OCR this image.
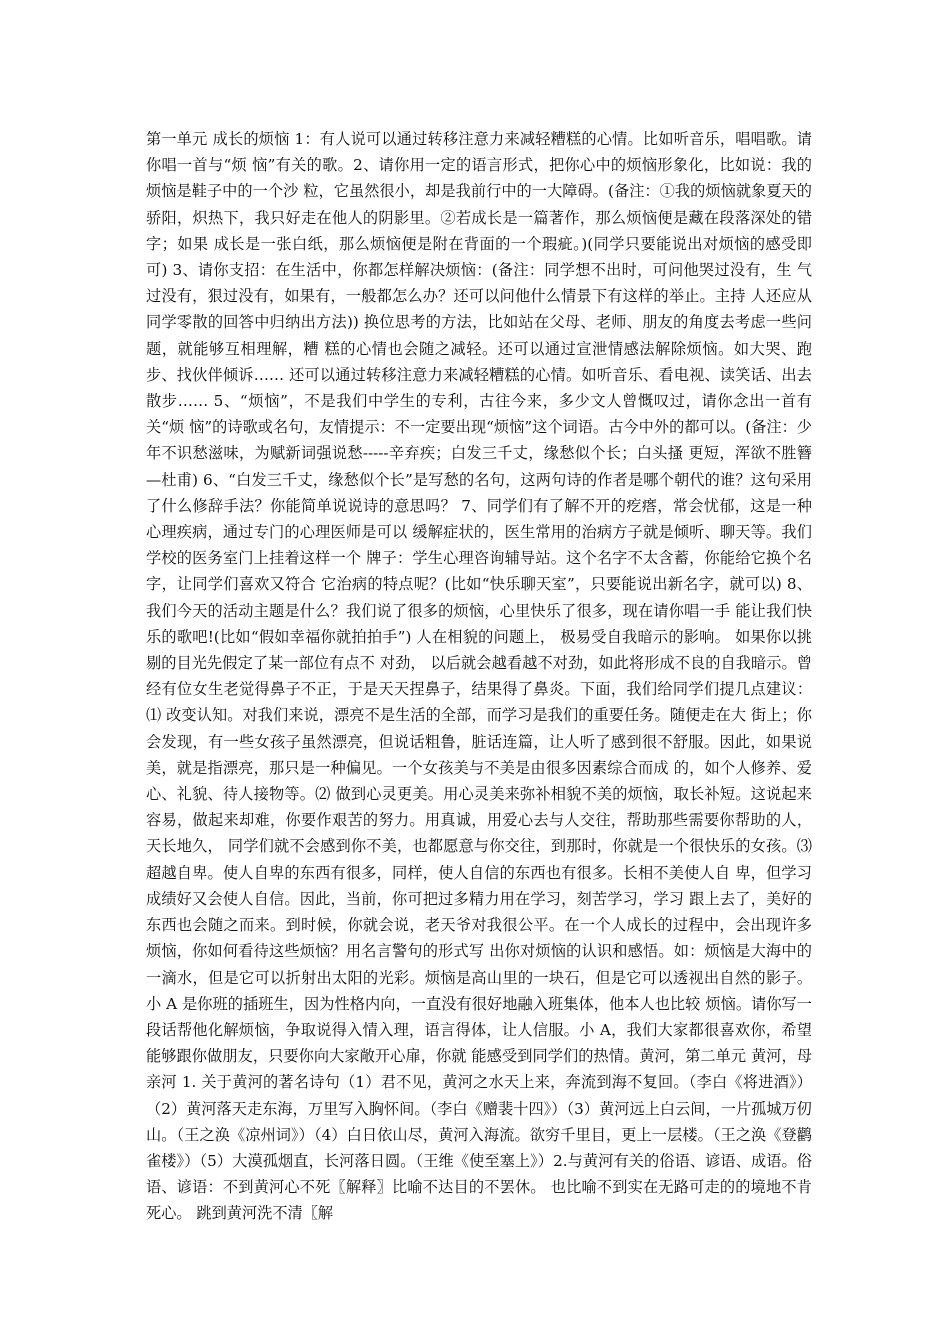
第一单元 成长的烦恼 1：有人说可以通过转移注意力来减轻糟糕的心情。比如听音乐，唱唱歌。请你唱一首与“烦 恼”有关的歌。2、请你用一定的语言形式，把你心中的烦恼形象化，比如说：我的烦恼是鞋子中的一个沙 粒，它虽然很小，却是我前行中的一大障碍。(备注：①我的烦恼就象夏天的骄阳，炽热下，我只好走在他人的阴影里。②若成长是一篇著作，那么烦恼便是藏在段落深处的错字；如果 成长是一张白纸，那么烦恼便是附在背面的一个瑕疵。)(同学只要能说出对烦恼的感受即可) 3、请你支招：在生活中，你都怎样解决烦恼：(备注：同学想不出时，可问他哭过没有，生 气过没有，狠过没有，如果有，一般都怎么办？还可以问他什么情景下有这样的举止。主持 人还应从同学零散的回答中归纳出方法)) 换位思考的方法，比如站在父母、老师、朋友的角度去考虑一些问题，就能够互相理解，糟 糕的心情也会随之减轻。还可以通过宣泄情感法解除烦恼。如大哭、跑步、找伙伴倾诉…… 还可以通过转移注意力来减轻糟糕的心情。如听音乐、看电视、读笑话、出去散步…… 5、“烦恼”，不是我们中学生的专利，古往今来，多少文人曾慨叹过，请你念出一首有关“烦 恼”的诗歌或名句，友情提示：不一定要出现“烦恼”这个词语。古今中外的都可以。(备注：少年不识愁滋味，为赋新词强说愁-----辛弃疾；白发三千丈，缘愁似个长；白头搔 更短，浑欲不胜簪—杜甫) 6、“白发三千丈，缘愁似个长”是写愁的名句，这两句诗的作者是哪个朝代的谁？这句采用 了什么修辞手法？你能简单说说诗的意思吗？ 7、同学们有了解不开的疙瘩，常会忧郁，这是一种心理疾病，通过专门的心理医师是可以 缓解症状的，医生常用的治病方子就是倾听、聊天等。我们学校的医务室门上挂着这样一个 牌子：学生心理咨询辅导站。这个名字不太含蓄，你能给它换个名字，让同学们喜欢又符合 它治病的特点呢？(比如“快乐聊天室”，只要能说出新名字，就可以) 8、我们今天的活动主题是什么？我们说了很多的烦恼，心里快乐了很多，现在请你唱一手 能让我们快乐的歌吧!(比如“假如幸福你就拍拍手”) 人在相貌的问题上， 极易受自我暗示的影响。 如果你以挑剔的目光先假定了某一部位有点不 对劲， 以后就会越看越不对劲，如此将形成不良的自我暗示。曾经有位女生老觉得鼻子不正，于是天天捏鼻子，结果得了鼻炎。下面，我们给同学们提几点建议：⑴ 改变认知。对我们来说，漂亮不是生活的全部，而学习是我们的重要任务。随便走在大 街上；你会发现，有一些女孩子虽然漂亮，但说话粗鲁，脏话连篇，让人听了感到很不舒服。因此，如果说美，就是指漂亮，那只是一种偏见。一个女孩美与不美是由很多因素综合而成 的，如个人修养、爱心、礼貌、待人接物等。⑵ 做到心灵更美。用心灵美来弥补相貌不美的烦恼，取长补短。这说起来容易，做起来却难，你要作艰苦的努力。用真诚，用爱心去与人交往，帮助那些需要你帮助的人，天长地久， 同学们就不会感到你不美，也都愿意与你交往，到那时，你就是一个很快乐的女孩。⑶ 超越自卑。使人自卑的东西有很多，同样，使人自信的东西也有很多。长相不美使人自 卑，但学习成绩好又会使人自信。因此，当前，你可把过多精力用在学习，刻苦学习，学习 跟上去了，美好的东西也会随之而来。到时候，你就会说，老天爷对我很公平。在一个人成长的过程中，会出现许多烦恼，你如何看待这些烦恼？用名言警句的形式写 出你对烦恼的认识和感悟。如：烦恼是大海中的一滴水，但是它可以折射出太阳的光彩。烦恼是高山里的一块石，但是它可以透视出自然的影子。 小 A 是你班的插班生，因为性格内向，一直没有很好地融入班集体，他本人也比较 烦恼。请你写一段话帮他化解烦恼，争取说得入情入理，语言得体，让人信服。小 A，我们大家都很喜欢你，希望能够跟你做朋友，只要你向大家敞开心扉，你就 能感受到同学们的热情。黄河，第二单元 黄河，母亲河 1. 关于黄河的著名诗句（1）君不见，黄河之水天上来，奔流到海不复回。（李白《将进酒》）（2）黄河落天走东海，万里写入胸怀间。（李白《赠裴十四》）（3）黄河远上白云间，一片孤城万仞山。（王之涣《凉州词》）（4）白日依山尽，黄河入海流。欲穷千里目，更上一层楼。（王之涣《登鹳雀楼》）（5）大漠孤烟直，长河落日圆。（王维《使至塞上》）2.与黄河有关的俗语、谚语、成语。俗语、谚语：不到黄河心不死〖解释〗比喻不达目的不罢休。 也比喻不到实在无路可走的的境地不肯死心。 跳到黄河洗不清〖解
